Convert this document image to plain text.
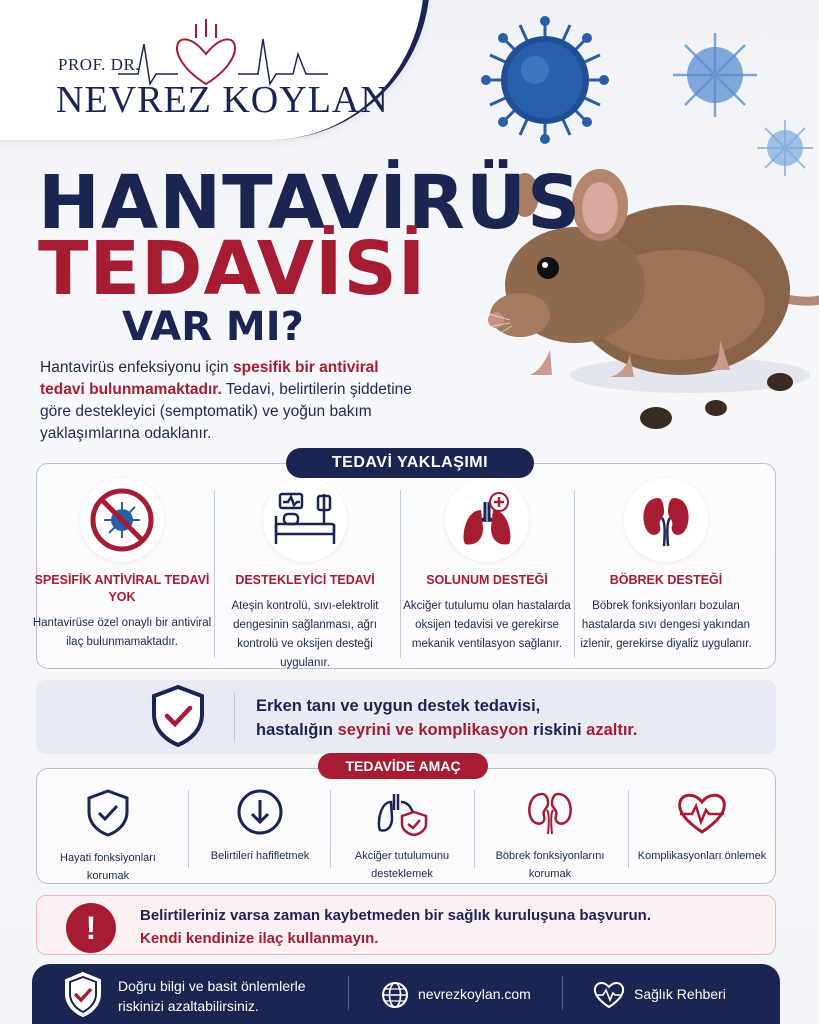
PROF. DR.
NEVREZ KOYLAN
HANTAVİRÜS
TEDAVİSİ
VAR MI?
Hantavirüs enfeksiyonu için spesifik bir antiviral tedavi bulunmamaktadır. Tedavi, belirtilerin şiddetine göre destekleyici (semptomatik) ve yoğun bakım yaklaşımlarına odaklanır.
TEDAVİ YAKLAŞIMI
SPESİFİK ANTİVİRAL TEDAVİ YOK
Hantavirüse özel onaylı bir antiviral ilaç bulunmamaktadır.
DESTEKLEYİCİ TEDAVİ
Ateşin kontrolü, sıvı-elektrolit dengesinin sağlanması, ağrı kontrolü ve oksijen desteği uygulanır.
SOLUNUM DESTEĞİ
Akciğer tutulumu olan hastalarda oksijen tedavisi ve gerekirse mekanik ventilasyon sağlanır.
BÖBREK DESTEĞİ
Böbrek fonksiyonları bozulan hastalarda sıvı dengesi yakından izlenir, gerekirse diyaliz uygulanır.
Erken tanı ve uygun destek tedavisi,
hastalığın seyrini ve komplikasyon riskini azaltır.
TEDAVİDE AMAÇ
Hayati fonksiyonları korumak
Belirtileri hafifletmek	Akciğer tutulumunu desteklemek
Böbrek fonksiyonlarını korumak
Komplikasyonları önlemek
!	Belirtileriniz varsa zaman kaybetmeden bir sağlık kuruluşuna başvurun.
Kendi kendinize ilaç kullanmayın.
Doğru bilgi ve basit önlemlerle
riskinizi azaltabilirsiniz.
nevrezkoylan.com	Sağlık Rehberi
